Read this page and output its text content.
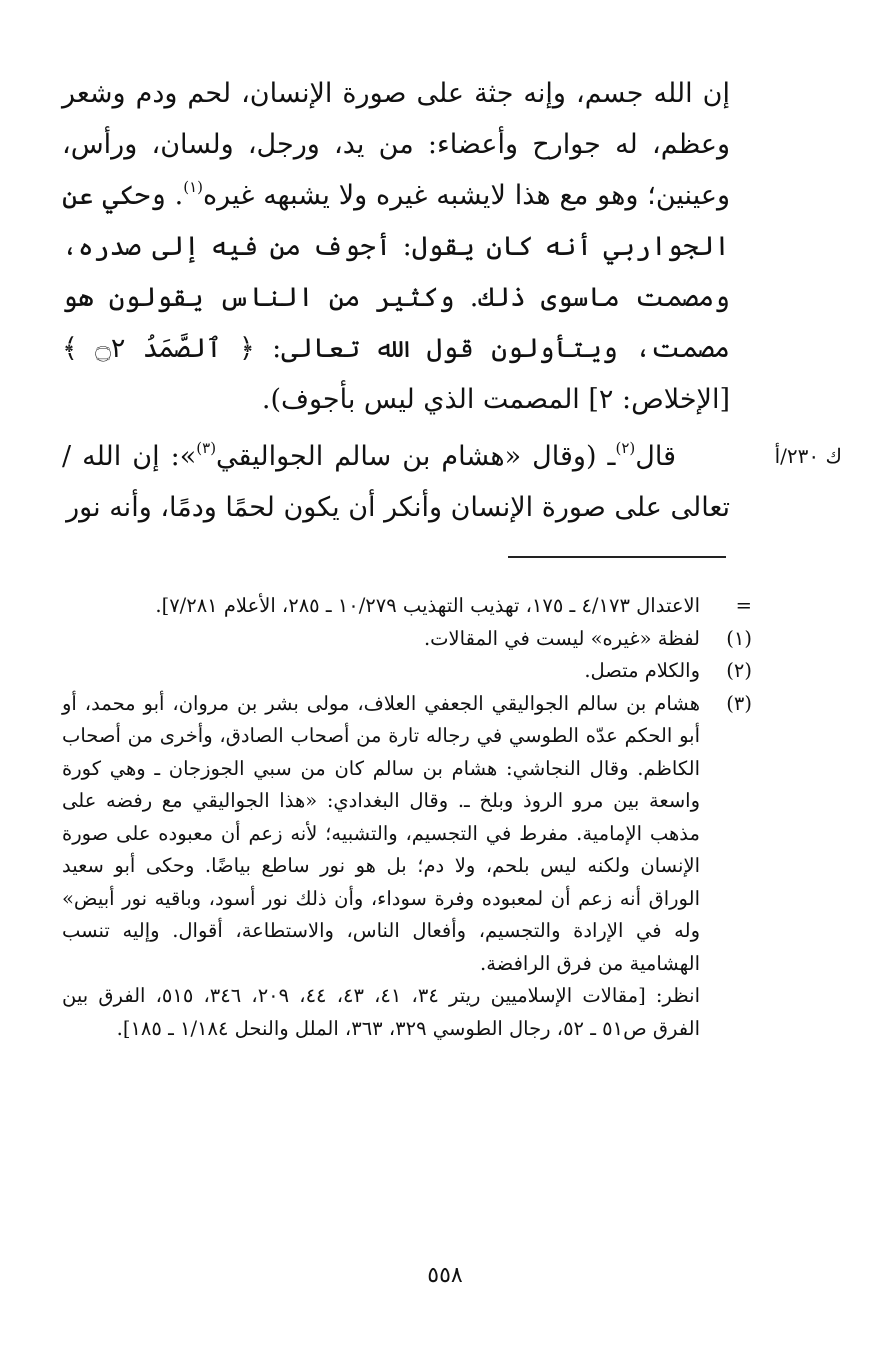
إن الله جسم، وإنه جثة على صورة الإنسان، لحم ودم وشعر وعظم، له جوارح وأعضاء: من يد، ورجل، ولسان، ورأس، وعينين؛ وهو مع هذا لايشبه غيره ولا يشبهه غيره$^{(١)}$. وحكي عن الجواربي أنه كان يقول: أجوف من فيه إلى صدره، ومصمت ماسوى ذلك. وكثير من الناس يقولون هو مصمت، ويتأولون قول الله تعالى: ﴿ ٱلصَّمَدُ ۝٢ ﴾ [الإخلاص: ٢] المصمت الذي ليس بأجوف).

قال$^{(٢)}$ـ (وقال «هشام بن سالم الجواليقي$^{(٣)}$»: إن الله / تعالى على صورة الإنسان وأنكر أن يكون لحمًا ودمًا، وأنه نور

ك ٢٣٠/أ
=
الاعتدال ٤/١٧٣ ـ ١٧٥، تهذيب التهذيب ١٠/٢٧٩ ـ ٢٨٥، الأعلام ٧/٢٨١].
(١)
لفظة «غيره» ليست في المقالات.
(٢)
والكلام متصل.
(٣)
هشام بن سالم الجواليقي الجعفي العلاف، مولى بشر بن مروان، أبو محمد، أو أبو الحكم عدّه الطوسي في رجاله تارة من أصحاب الصادق، وأخرى من أصحاب الكاظم. وقال النجاشي: هشام بن سالم كان من سبي الجوزجان ـ وهي كورة واسعة بين مرو الروذ وبلخ ـ. وقال البغدادي: «هذا الجواليقي مع رفضه على مذهب الإمامية. مفرط في التجسيم، والتشبيه؛ لأنه زعم أن معبوده على صورة الإنسان ولكنه ليس بلحم، ولا دم؛ بل هو نور ساطع بياضًا. وحكى أبو سعيد الوراق أنه زعم أن لمعبوده وفرة سوداء، وأن ذلك نور أسود، وباقيه نور أبيض» وله في الإرادة والتجسيم، وأفعال الناس، والاستطاعة، أقوال. وإليه تنسب الهشامية من فرق الرافضة.
انظر: [مقالات الإسلاميين ريتر ٣٤، ٤١، ٤٣، ٤٤، ٢٠٩، ٣٤٦، ٥١٥، الفرق بين الفرق ص٥١ ـ ٥٢، رجال الطوسي ٣٢٩، ٣٦٣، الملل والنحل ١/١٨٤ ـ ١٨٥].
٥٥٨
